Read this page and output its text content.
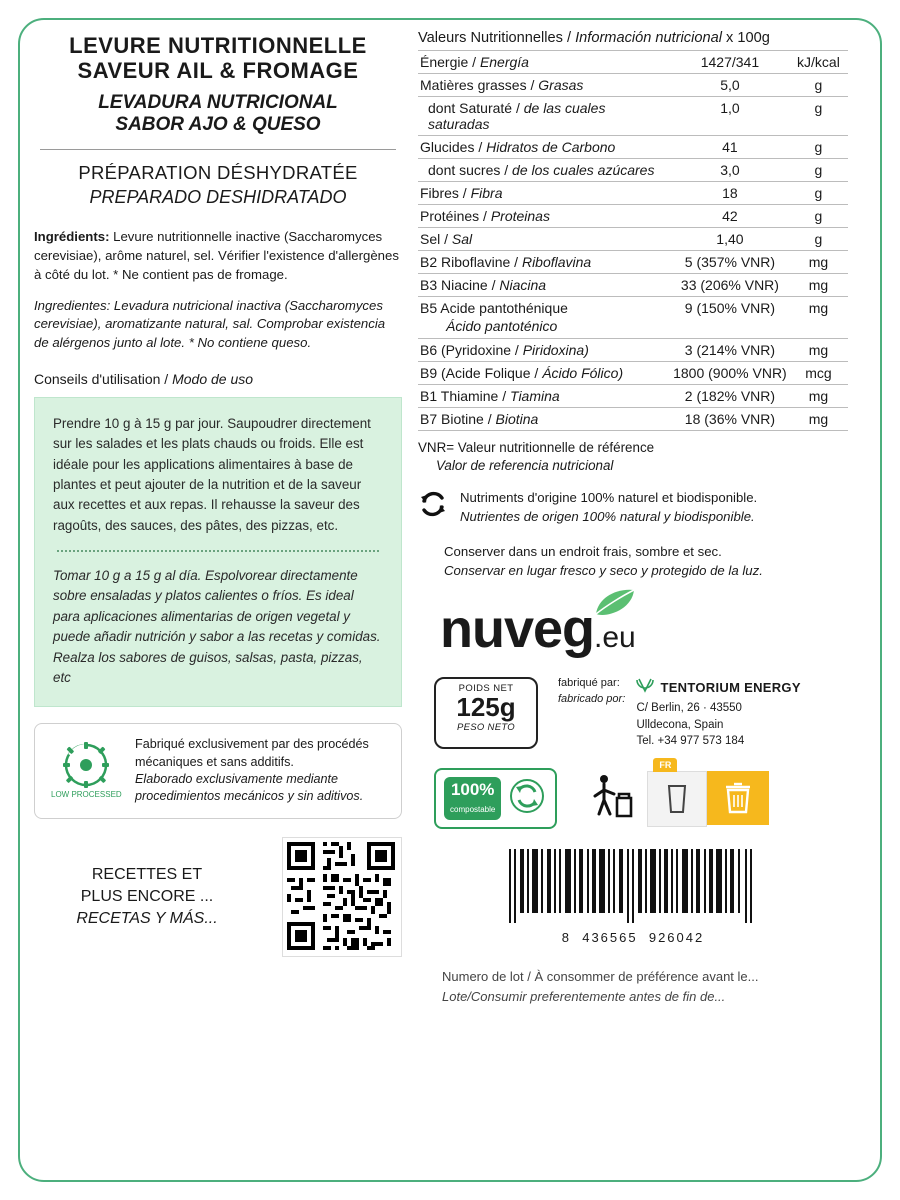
LEVURE NUTRITIONNELLE
SAVEUR AIL & FROMAGE
LEVADURA NUTRICIONAL
SABOR AJO & QUESO
PRÉPARATION DÉSHYDRATÉE
PREPARADO DESHIDRATADO
Ingrédients: Levure nutritionnelle inactive (Saccharomyces cerevisiae), arôme naturel, sel. Vérifier l'existence d'allergènes à côté du lot. * Ne contient pas de fromage.
Ingredientes: Levadura nutricional inactiva (Saccharomyces cerevisiae), aromatizante natural, sal. Comprobar existencia de alérgenos junto al lote. * No contiene queso.
Conseils d'utilisation / Modo de uso

Prendre 10 g à 15 g par jour. Saupoudrer directement sur les salades et les plats chauds ou froids. Elle est idéale pour les applications alimentaires à base de plantes et peut ajouter de la nutrition et de la saveur aux recettes et aux repas. Il rehausse la saveur des ragoûts, des sauces, des pâtes, des pizzas, etc.

Tomar 10 g a 15 g al día. Espolvorear directamente sobre ensaladas y platos calientes o fríos. Es ideal para aplicaciones alimentarias de origen vegetal y puede añadir nutrición y sabor a las recetas y comidas. Realza los sabores de guisos, salsas, pasta, pizzas, etc

LOW PROCESSED
Fabriqué exclusivement par des procédés mécaniques et sans additifs.
Elaborado exclusivamente mediante procedimientos mecánicos y sin aditivos.
RECETTES ET
PLUS ENCORE ...
RECETAS Y MÁS...
Valeurs Nutritionnelles / Información nutricional x 100g
Énergie / Energía	1427/341	kJ/kcal
Matières grasses / Grasas	5,0	g
dont Saturaté / de las cuales saturadas	1,0	g
Glucides / Hidratos de Carbono	41	g
dont sucres / de los cuales azúcares	3,0	g
Fibres / Fibra	18	g
Protéines / Proteinas	42	g
Sel / Sal	1,40	g
B2 Riboflavine / Riboflavina	5 (357% VNR)	mg
B3 Niacine / Niacina	33 (206% VNR)	mg
B5 Acide pantothénique
Ácido pantoténico	9 (150% VNR)	mg
B6 (Pyridoxine / Piridoxina)	3 (214% VNR)	mg
B9 (Acide Folique / Ácido Fólico)	1800 (900% VNR)	mcg
B1 Thiamine / Tiamina	2 (182% VNR)	mg
B7 Biotine / Biotina	18 (36% VNR)	mg
VNR= Valeur nutritionnelle de référence
Valor de referencia nutricional
Nutriments d'origine 100% naturel et biodisponible.
Nutrientes de origen 100% natural y biodisponible.
Conserver dans un endroit frais, sombre et sec.
Conservar en lugar fresco y seco y protegido de la luz.
nuveg .eu
POIDS NET
125g
PESO NETO
fabriqué par:
fabricado por:

TENTORIUM ENERGY
C/ Berlin, 26 · 43550
Ulldecona, Spain
Tel. +34 977 573 184
100%
compostable
FR
8 436565 926042
Numero de lot / À consommer de préférence avant le...
Lote/Consumir preferentemente antes de fin de...
